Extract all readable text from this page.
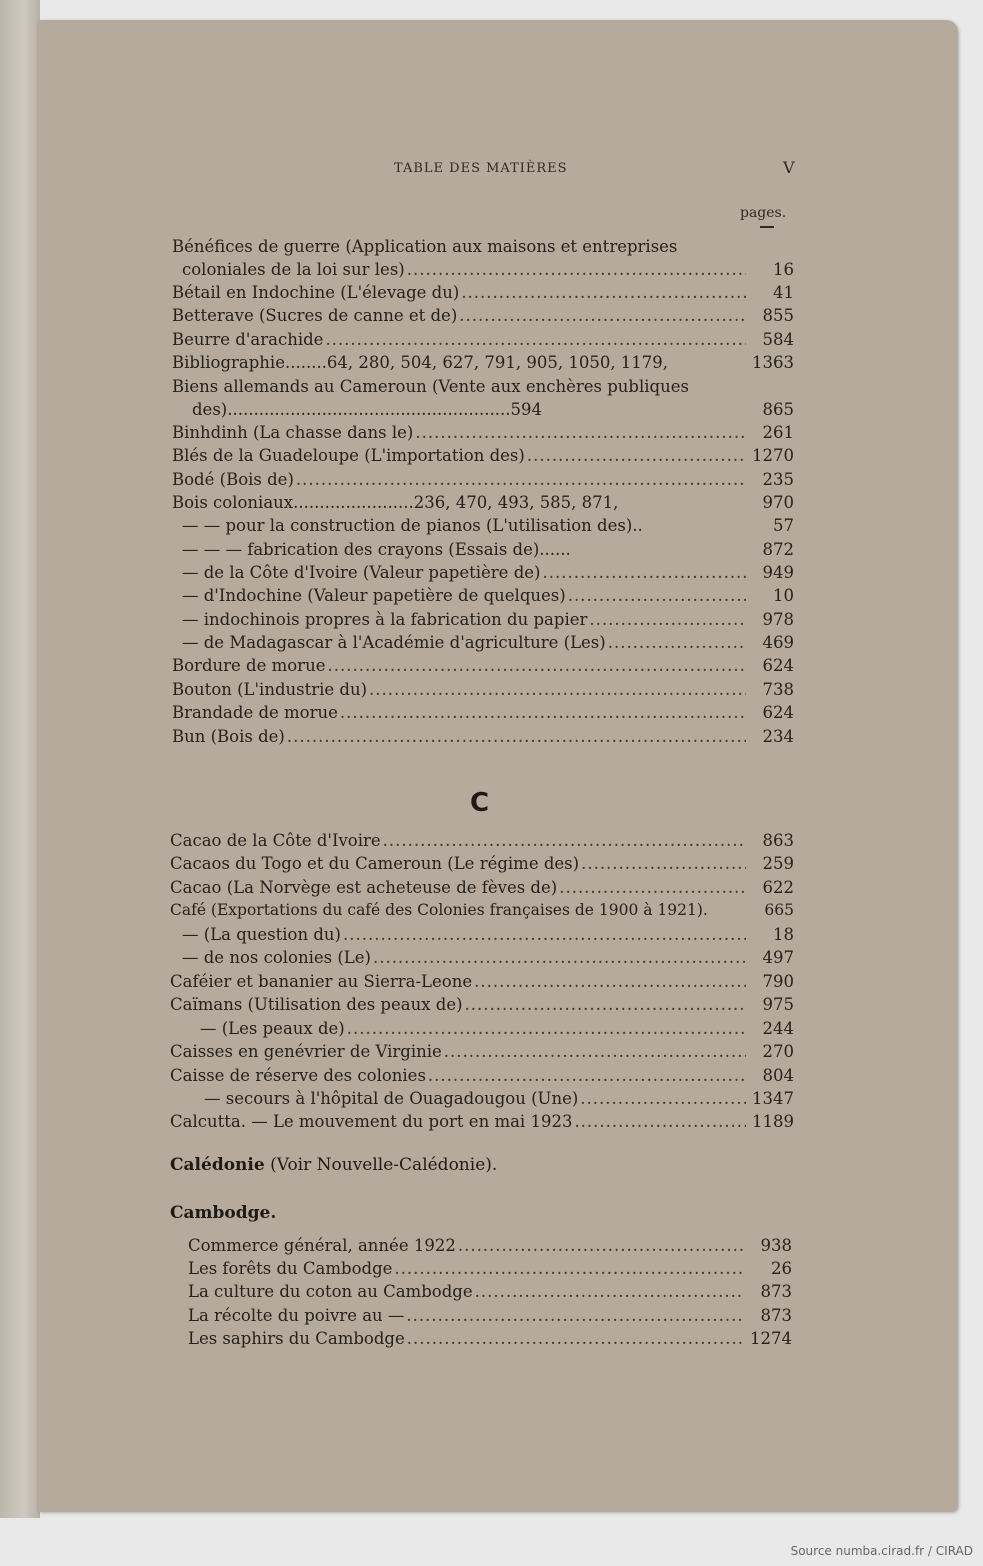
TABLE DES MATIÈRES	V
pages.
Bénéfices de guerre (Application aux maisons et entreprises
coloniales de la loi sur les) .....	16
Bétail en Indochine (L'élevage du) .....	41
Betterave (Sucres de canne et de) .....	855
Beurre d'arachide .....	584
Bibliographie........64, 280, 504, 627, 791, 905, 1050, 1179,	1363
Biens allemands au Cameroun (Vente aux enchères publiques
des)......................................................594	865
Binhdinh (La chasse dans le) .....	261
Blés de la Guadeloupe (L'importation des) .....	1270
Bodé (Bois de) .....	235
Bois coloniaux.......................236, 470, 493, 585, 871,	970
— — pour la construction de pianos (L'utilisation des)..	57
— — — fabrication des crayons (Essais de)......	872
— de la Côte d'Ivoire (Valeur papetière de) .....	949
— d'Indochine (Valeur papetière de quelques) .....	10
— indochinois propres à la fabrication du papier .....	978
— de Madagascar à l'Académie d'agriculture (Les) .....	469
Bordure de morue .....	624
Bouton (L'industrie du) .....	738
Brandade de morue .....	624
Bun (Bois de) .....	234
C
Cacao de la Côte d'Ivoire .....	863
Cacaos du Togo et du Cameroun (Le régime des) .....	259
Cacao (La Norvège est acheteuse de fèves de) .....	622
Café (Exportations du café des Colonies françaises de 1900 à 1921).	665
— (La question du) .....	18
— de nos colonies (Le) .....	497
Caféier et bananier au Sierra-Leone .....	790
Caïmans (Utilisation des peaux de) .....	975
— (Les peaux de) .....	244
Caisses en genévrier de Virginie .....	270
Caisse de réserve des colonies .....	804
— secours à l'hôpital de Ouagadougou (Une) .....	1347
Calcutta. — Le mouvement du port en mai 1923 .....	1189
Calédonie (Voir Nouvelle-Calédonie).
Cambodge.
Commerce général, année 1922 .....	938
Les forêts du Cambodge .....	26
La culture du coton au Cambodge .....	873
La récolte du poivre au — .....	873
Les saphirs du Cambodge .....	1274
Source numba.cirad.fr / CIRAD
